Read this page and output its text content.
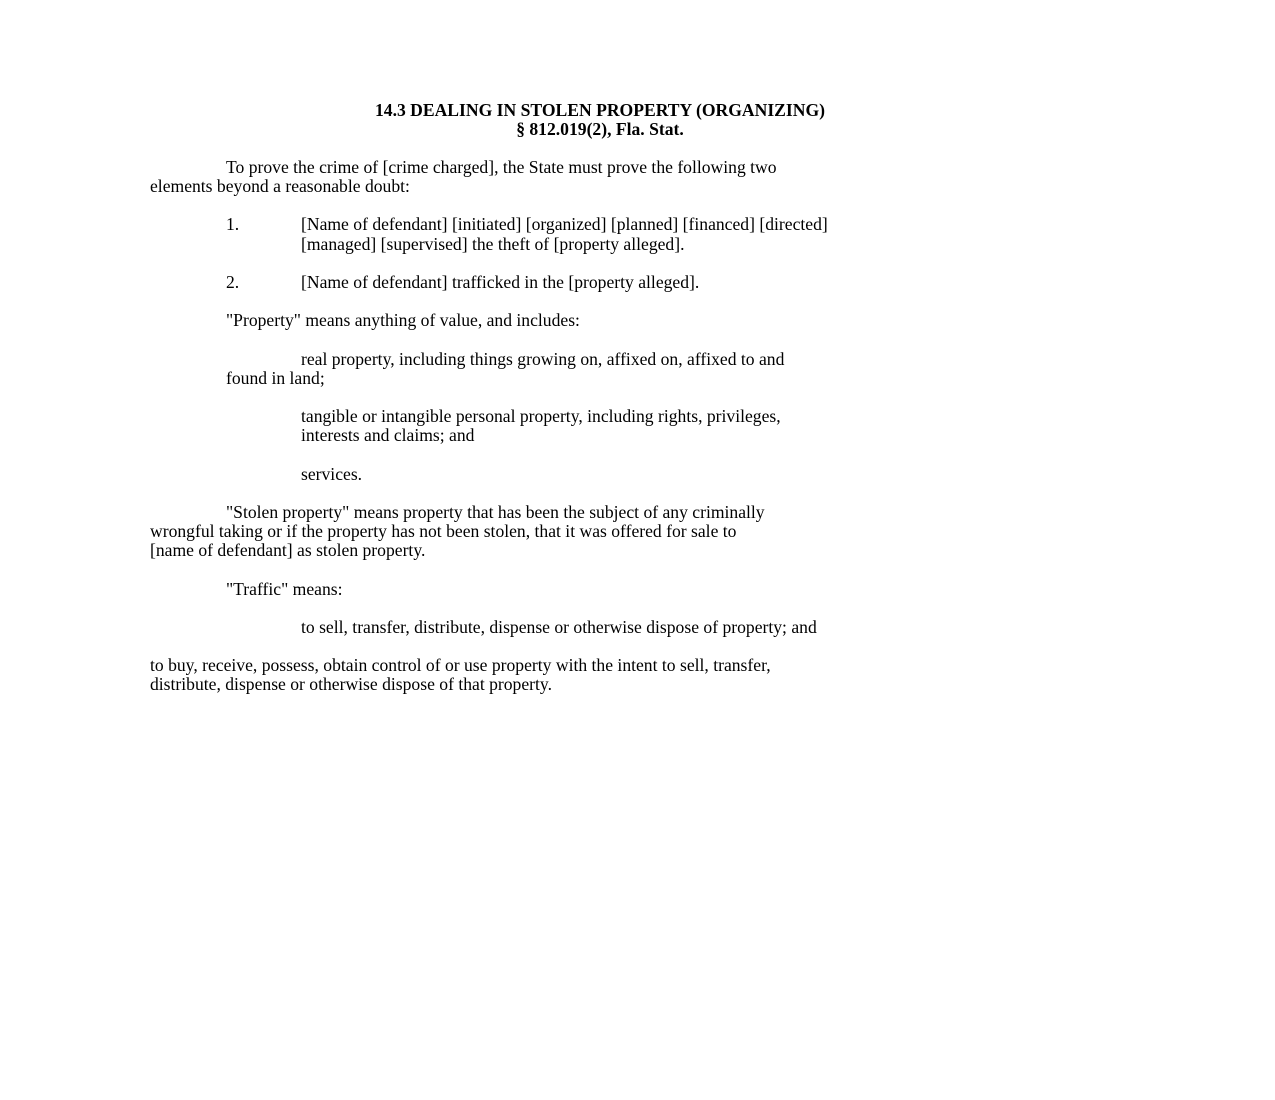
14.3 DEALING IN STOLEN PROPERTY (ORGANIZING)
§ 812.019(2), Fla. Stat.
To prove the crime of [crime charged], the State must prove the following two
elements beyond a reasonable doubt:
1.	[Name of defendant] [initiated] [organized] [planned] [financed] [directed]
[managed] [supervised] the theft of [property alleged].
2.	[Name of defendant] trafficked in the [property alleged].
"Property" means anything of value, and includes:
real property, including things growing on, affixed on, affixed to and
found in land;
tangible or intangible personal property, including rights, privileges,
interests and claims; and
services.
"Stolen property" means property that has been the subject of any criminally
wrongful taking or if the property has not been stolen, that it was offered for sale to
[name of defendant] as stolen property.
"Traffic" means:
to sell, transfer, distribute, dispense or otherwise dispose of property; and
to buy, receive, possess, obtain control of or use property with the intent to sell, transfer,
distribute, dispense or otherwise dispose of that property.
